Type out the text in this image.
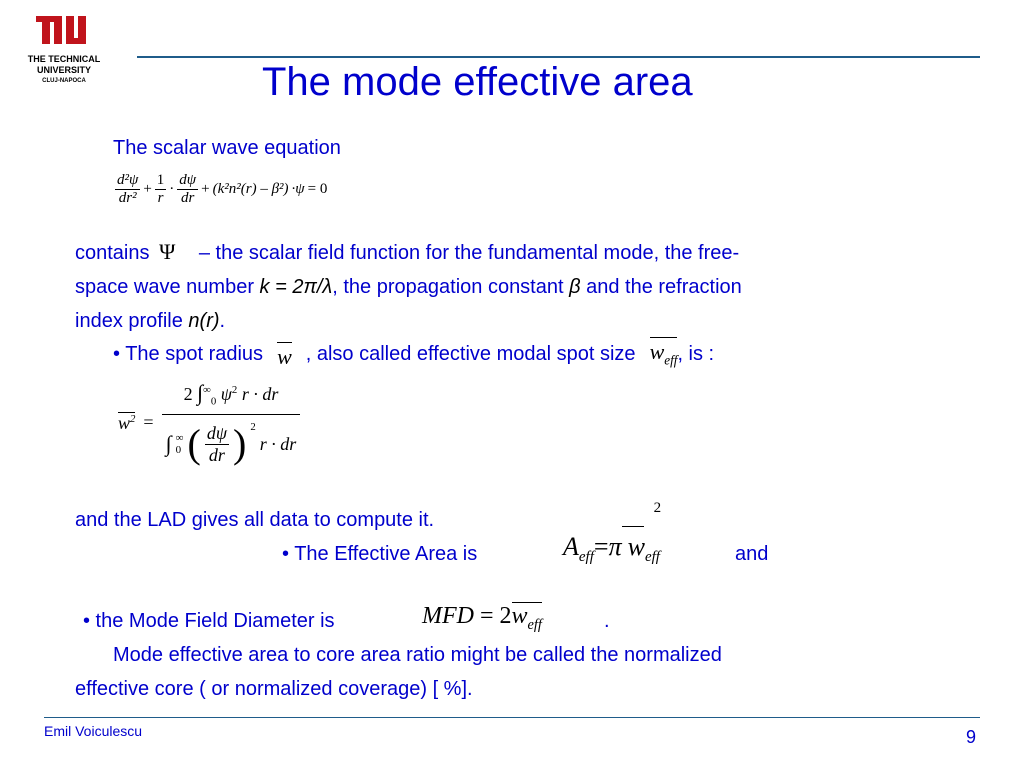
THE TECHNICAL
UNIVERSITY
CLUJ-NAPOCA	The mode effective area
The scalar wave equation
$\frac{\text{d²ψ}}{\text{dr²}} + \frac{1}{r} \cdot \frac{d\psi}{dr} + (k^2n^2(r) - \beta^2) \cdot\psi = 0$
contains Ψ – the scalar field function for the fundamental mode, the free-
space wave number k = 2π/λ, the propagation constant β and the refraction
index profile n(r).
• The spot radius w , also called effective modal spot size $w_{eff}$ , is :
$w^2$ =
2 $\int^\infty_0$ $\psi^2$ r · dr
∫ ∞
0 ( $\frac{d\psi}{dr}$ ) $^2$
r · dr
and the LAD gives all data to compute it.
• The Effective Area is	$A_{eff}=\pi$
2
$w_{eff}$	and
• the Mode Field Diameter is	MFD = $2w_{eff}$	.
Mode effective area to core area ratio might be called the normalized
effective core ( or normalized coverage) [ %].
Emil Voiculescu	9
